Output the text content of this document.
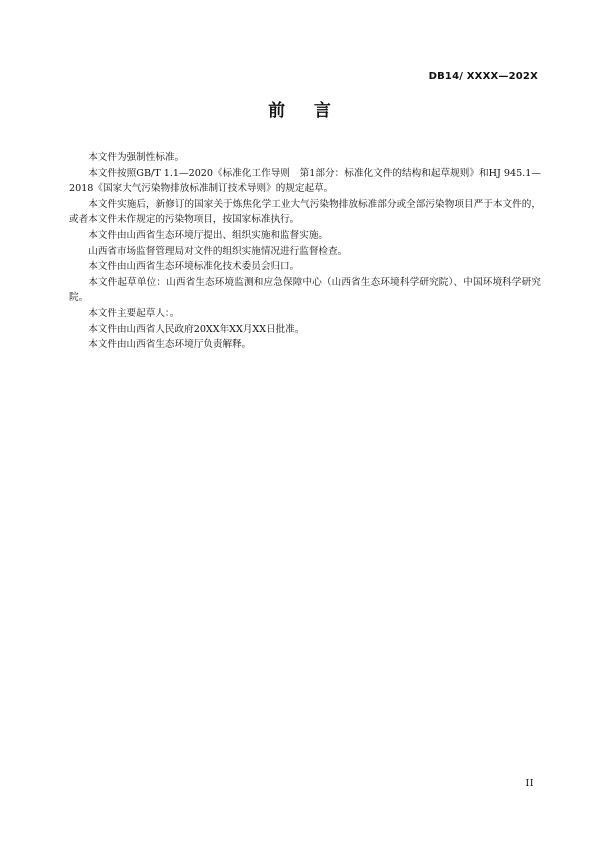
DB14/ XXXX—202X
前    言

本文件为强制性标准。

本文件按照GB/T 1.1—2020《标准化工作导则　第1部分：标准化文件的结构和起草规则》和HJ 945.1—2018《国家大气污染物排放标准制订技术导则》的规定起草。

本文件实施后，新修订的国家关于炼焦化学工业大气污染物排放标准部分或全部污染物项目严于本文件的，或者本文件未作规定的污染物项目，按国家标准执行。

本文件由山西省生态环境厅提出、组织实施和监督实施。

山西省市场监督管理局对文件的组织实施情况进行监督检查。

本文件由山西省生态环境标准化技术委员会归口。

本文件起草单位：山西省生态环境监测和应急保障中心（山西省生态环境科学研究院）、中国环境科学研究院。

本文件主要起草人：。

本文件由山西省人民政府20XX年XX月XX日批准。

本文件由山西省生态环境厅负责解释。

II
